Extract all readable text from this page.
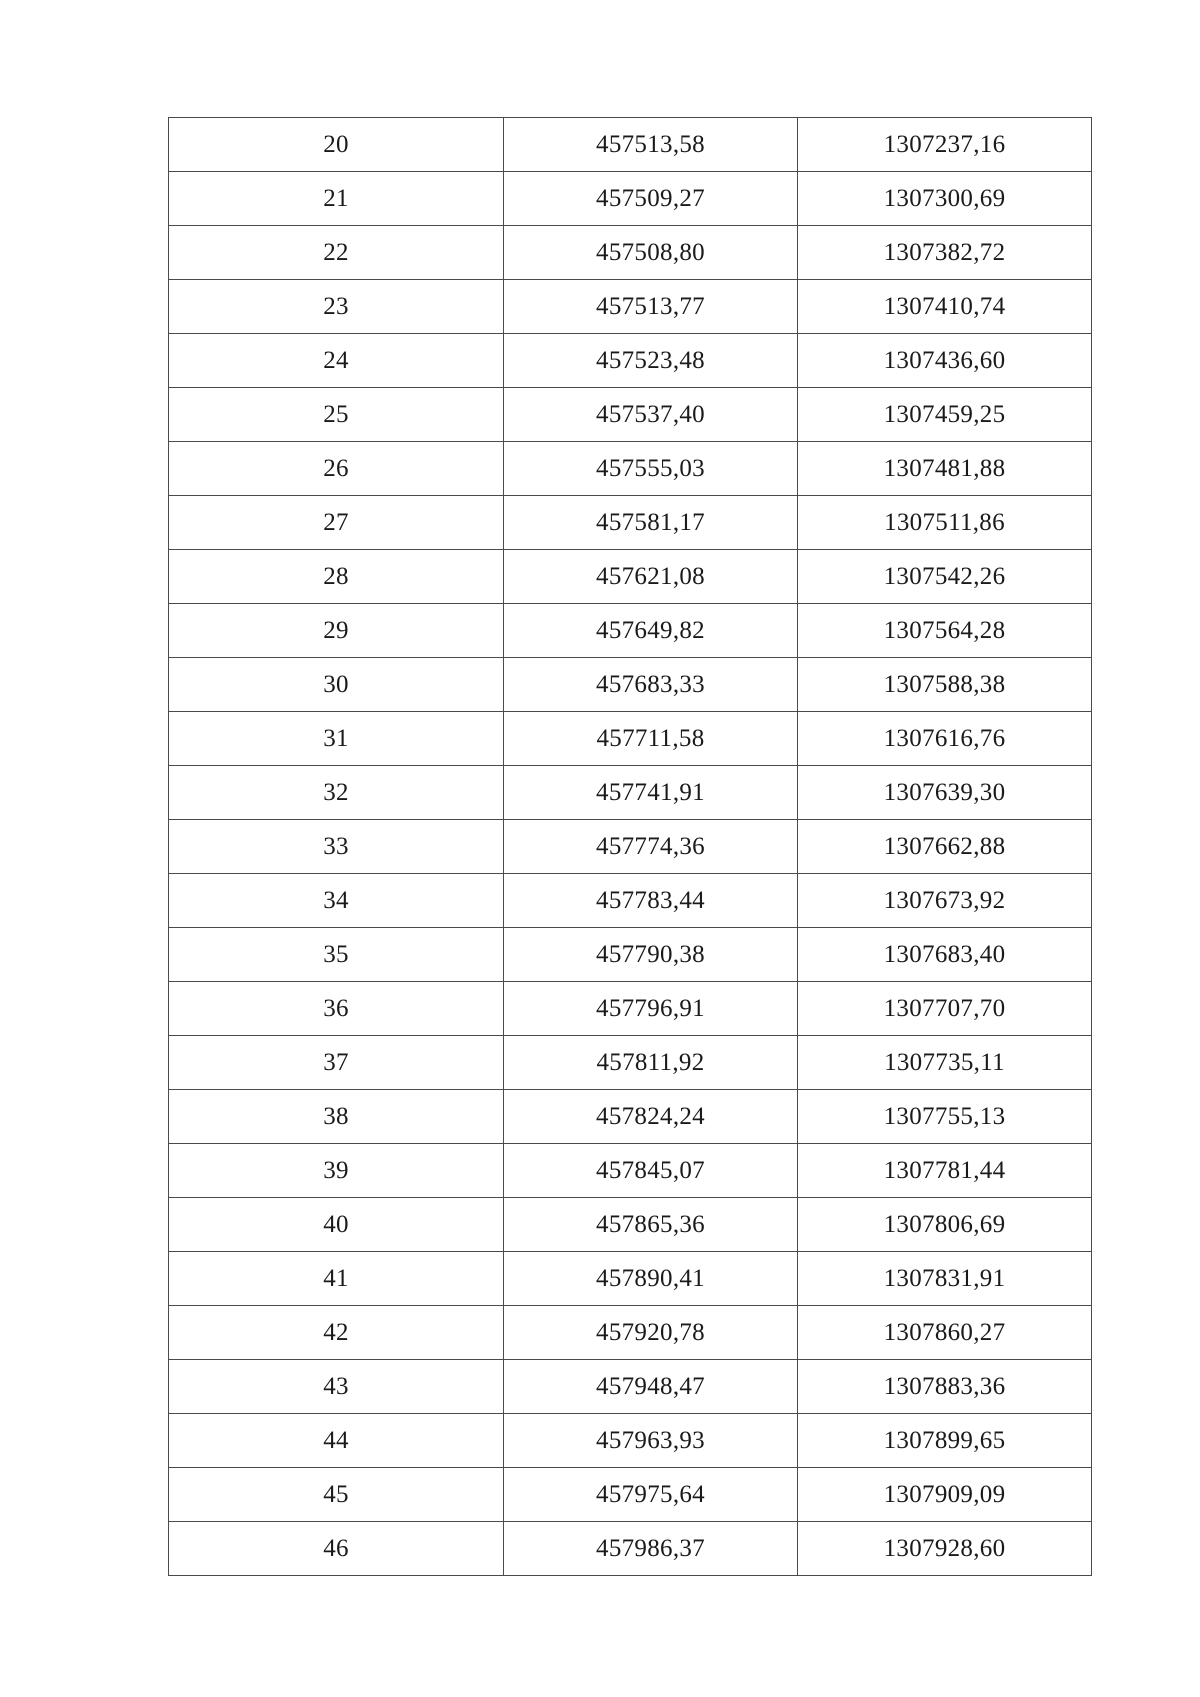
20	457513,58	1307237,16
21	457509,27	1307300,69
22	457508,80	1307382,72
23	457513,77	1307410,74
24	457523,48	1307436,60
25	457537,40	1307459,25
26	457555,03	1307481,88
27	457581,17	1307511,86
28	457621,08	1307542,26
29	457649,82	1307564,28
30	457683,33	1307588,38
31	457711,58	1307616,76
32	457741,91	1307639,30
33	457774,36	1307662,88
34	457783,44	1307673,92
35	457790,38	1307683,40
36	457796,91	1307707,70
37	457811,92	1307735,11
38	457824,24	1307755,13
39	457845,07	1307781,44
40	457865,36	1307806,69
41	457890,41	1307831,91
42	457920,78	1307860,27
43	457948,47	1307883,36
44	457963,93	1307899,65
45	457975,64	1307909,09
46	457986,37	1307928,60
